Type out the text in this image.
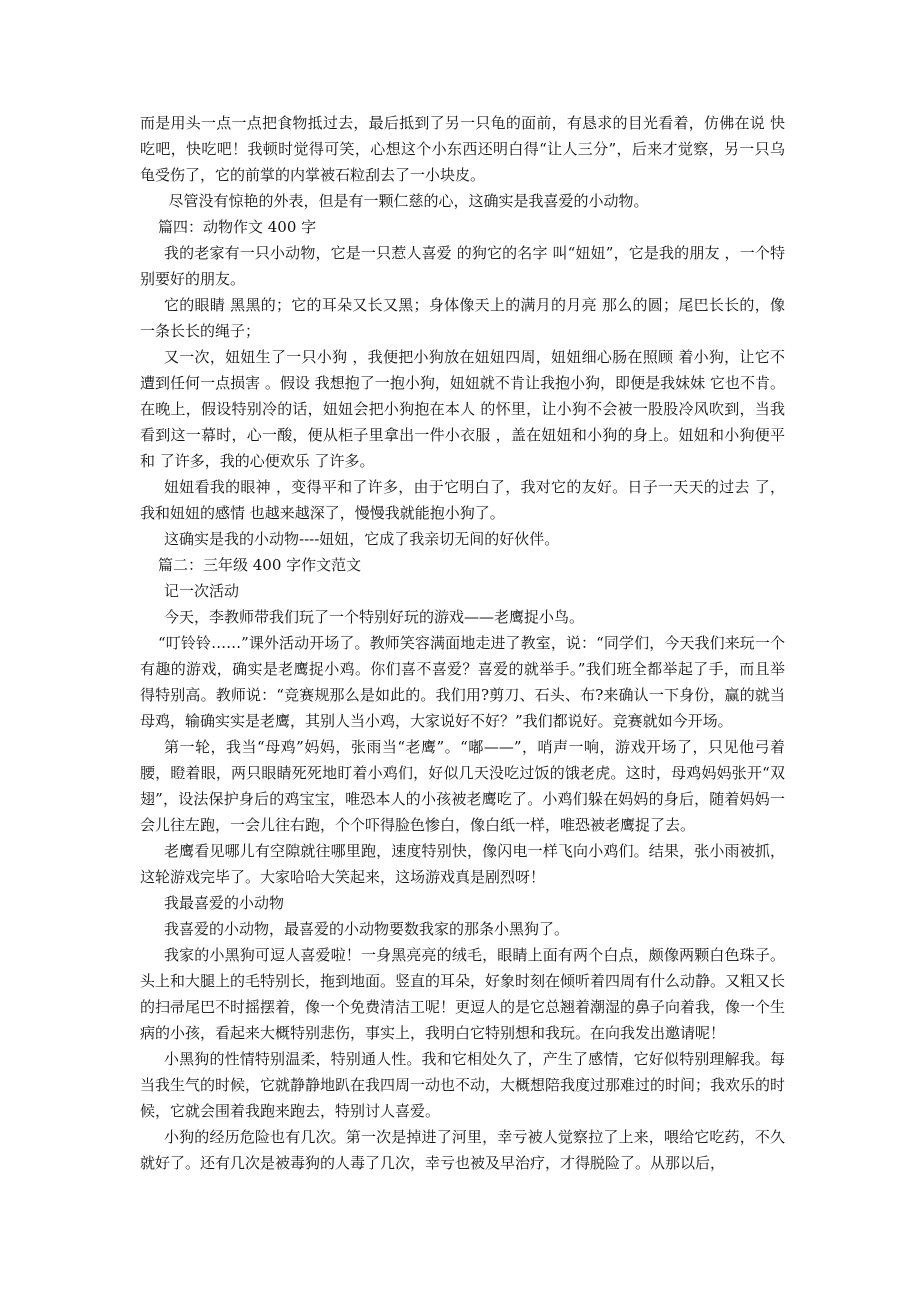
而是用头一点一点把食物抵过去，最后抵到了另一只龟的面前，有恳求的目光看着，仿佛在说 快吃吧，快吃吧！我顿时觉得可笑，心想这个小东西还明白得“让人三分”，后来才觉察，另一只乌龟受伤了，它的前掌的内掌被石粒刮去了一小块皮。

尽管没有惊艳的外表，但是有一颗仁慈的心，这确实是我喜爱的小动物。

篇四：动物作文 400 字

我的老家有一只小动物，它是一只惹人喜爱 的狗它的名字 叫“妞妞”，它是我的朋友 ，一个特别要好的朋友。

它的眼睛 黑黑的；它的耳朵又长又黑；身体像天上的满月的月亮 那么的圆；尾巴长长的，像一条长长的绳子；

又一次，妞妞生了一只小狗 ，我便把小狗放在妞妞四周，妞妞细心肠在照顾 着小狗，让它不遭到任何一点损害 。假设 我想抱了一抱小狗，妞妞就不肯让我抱小狗，即便是我妹妹 它也不肯。在晚上，假设特别冷的话，妞妞会把小狗抱在本人 的怀里，让小狗不会被一股股冷风吹到，当我看到这一幕时，心一酸，便从柜子里拿出一件小衣服 ，盖在妞妞和小狗的身上。妞妞和小狗便平和 了许多，我的心便欢乐 了许多。

妞妞看我的眼神 ，变得平和了许多，由于它明白了，我对它的友好。日子一天天的过去 了，我和妞妞的感情 也越来越深了，慢慢我就能抱小狗了。

这确实是我的小动物----妞妞，它成了我亲切无间的好伙伴。

篇二：三年级 400 字作文范文

记一次活动

今天，李教师带我们玩了一个特别好玩的游戏——老鹰捉小鸟。

“叮铃铃……”课外活动开场了。教师笑容满面地走进了教室，说：“同学们，今天我们来玩一个有趣的游戏，确实是老鹰捉小鸡。你们喜不喜爱？喜爱的就举手。”我们班全都举起了手，而且举得特别高。教师说：“竞赛规那么是如此的。我们用?剪刀、石头、布?来确认一下身份，赢的就当母鸡，输确实实是老鹰，其别人当小鸡，大家说好不好？”我们都说好。竞赛就如今开场。

第一轮，我当“母鸡”妈妈，张雨当“老鹰”。“嘟——”，哨声一响，游戏开场了，只见他弓着腰，瞪着眼，两只眼睛死死地盯着小鸡们，好似几天没吃过饭的饿老虎。这时，母鸡妈妈张开“双翅”，设法保护身后的鸡宝宝，唯恐本人的小孩被老鹰吃了。小鸡们躲在妈妈的身后，随着妈妈一会儿往左跑，一会儿往右跑，个个吓得脸色惨白，像白纸一样，唯恐被老鹰捉了去。

老鹰看见哪儿有空隙就往哪里跑，速度特别快，像闪电一样飞向小鸡们。结果，张小雨被抓，这轮游戏完毕了。大家哈哈大笑起来，这场游戏真是剧烈呀！

我最喜爱的小动物

我喜爱的小动物，最喜爱的小动物要数我家的那条小黑狗了。

我家的小黑狗可逗人喜爱啦！一身黑亮亮的绒毛，眼睛上面有两个白点，颇像两颗白色珠子。头上和大腿上的毛特别长，拖到地面。竖直的耳朵，好象时刻在倾听着四周有什么动静。又粗又长的扫帚尾巴不时摇摆着，像一个免费清洁工呢！更逗人的是它总翘着潮湿的鼻子向着我，像一个生病的小孩，看起来大概特别悲伤，事实上，我明白它特别想和我玩。在向我发出邀请呢！

小黑狗的性情特别温柔，特别通人性。我和它相处久了，产生了感情，它好似特别理解我。每当我生气的时候，它就静静地趴在我四周一动也不动，大概想陪我度过那难过的时间；我欢乐的时候，它就会围着我跑来跑去，特别讨人喜爱。

小狗的经历危险也有几次。第一次是掉进了河里，幸亏被人觉察拉了上来，喂给它吃药，不久就好了。还有几次是被毒狗的人毒了几次，幸亏也被及早治疗，才得脱险了。从那以后，
